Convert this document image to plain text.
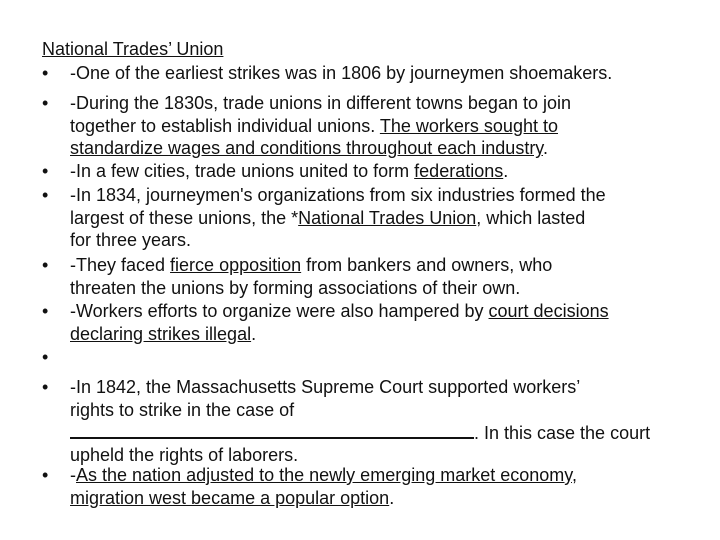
National Trades’ Union
•	-One of the earliest strikes was in 1806 by journeymen shoemakers.
•	-During the 1830s, trade unions in different towns began to join
together to establish individual unions. The workers sought to
standardize wages and conditions throughout each industry.
•	-In a few cities, trade unions united to form federations.
•	-In 1834, journeymen's organizations from six industries formed the
largest of these unions, the *National Trades Union, which lasted
for three years.
•	-They faced fierce opposition from bankers and owners, who
threaten the unions by forming associations of their own.
•	-Workers efforts to organize were also hampered by court decisions
declaring strikes illegal.
•
•	-In 1842, the Massachusetts Supreme Court supported workers’
rights to strike in the case of
. In this case the court
upheld the rights of laborers.
•	-As the nation adjusted to the newly emerging market economy,
migration west became a popular option.
